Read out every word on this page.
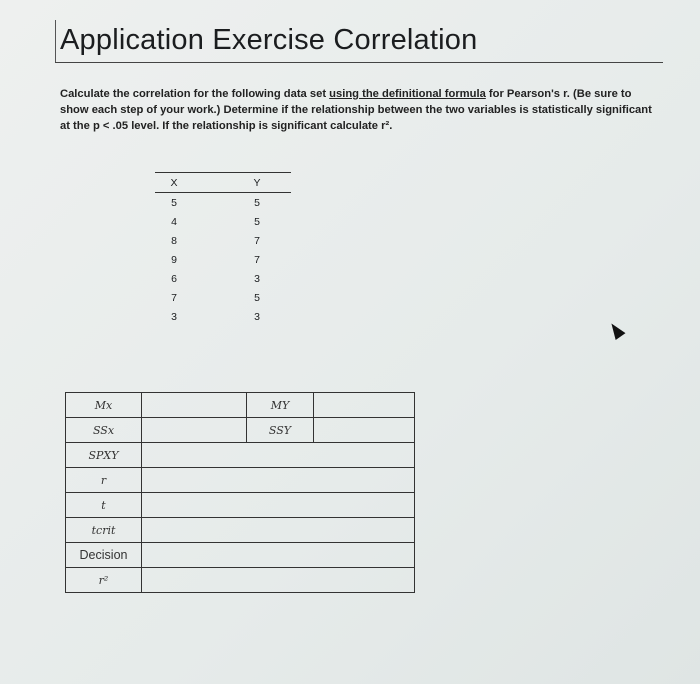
Application Exercise Correlation
Calculate the correlation for the following data set using the definitional formula for Pearson's r. (Be sure to show each step of your work.) Determine if the relationship between the two variables is statistically significant at the p < .05 level. If the relationship is significant calculate r².
X	Y
5	5
4	5
8	7
9	7
6	3
7	5
3	3
Mx		MY	
SSx		SSY	
SPXY			
r			
t			
tcrit			
Decision			
r²			
